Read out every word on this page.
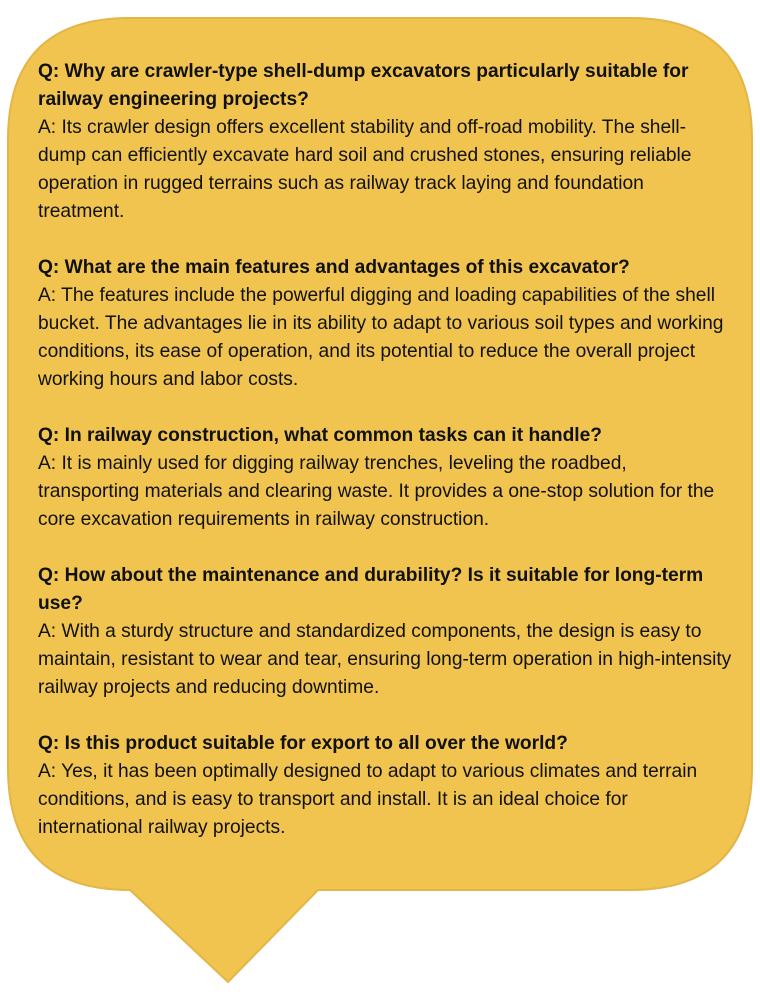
Q: Why are crawler-type shell-dump excavators particularly suitable for railway engineering projects?

A: Its crawler design offers excellent stability and off-road mobility. The shell-dump can efficiently excavate hard soil and crushed stones, ensuring reliable operation in rugged terrains such as railway track laying and foundation treatment.

Q: What are the main features and advantages of this excavator?

A: The features include the powerful digging and loading capabilities of the shell bucket. The advantages lie in its ability to adapt to various soil types and working conditions, its ease of operation, and its potential to reduce the overall project working hours and labor costs.

Q: In railway construction, what common tasks can it handle?

A: It is mainly used for digging railway trenches, leveling the roadbed, transporting materials and clearing waste. It provides a one-stop solution for the core excavation requirements in railway construction.

Q: How about the maintenance and durability? Is it suitable for long-term use?

A: With a sturdy structure and standardized components, the design is easy to maintain, resistant to wear and tear, ensuring long-term operation in high-intensity railway projects and reducing downtime.

Q: Is this product suitable for export to all over the world?

A: Yes, it has been optimally designed to adapt to various climates and terrain conditions, and is easy to transport and install. It is an ideal choice for international railway projects.
